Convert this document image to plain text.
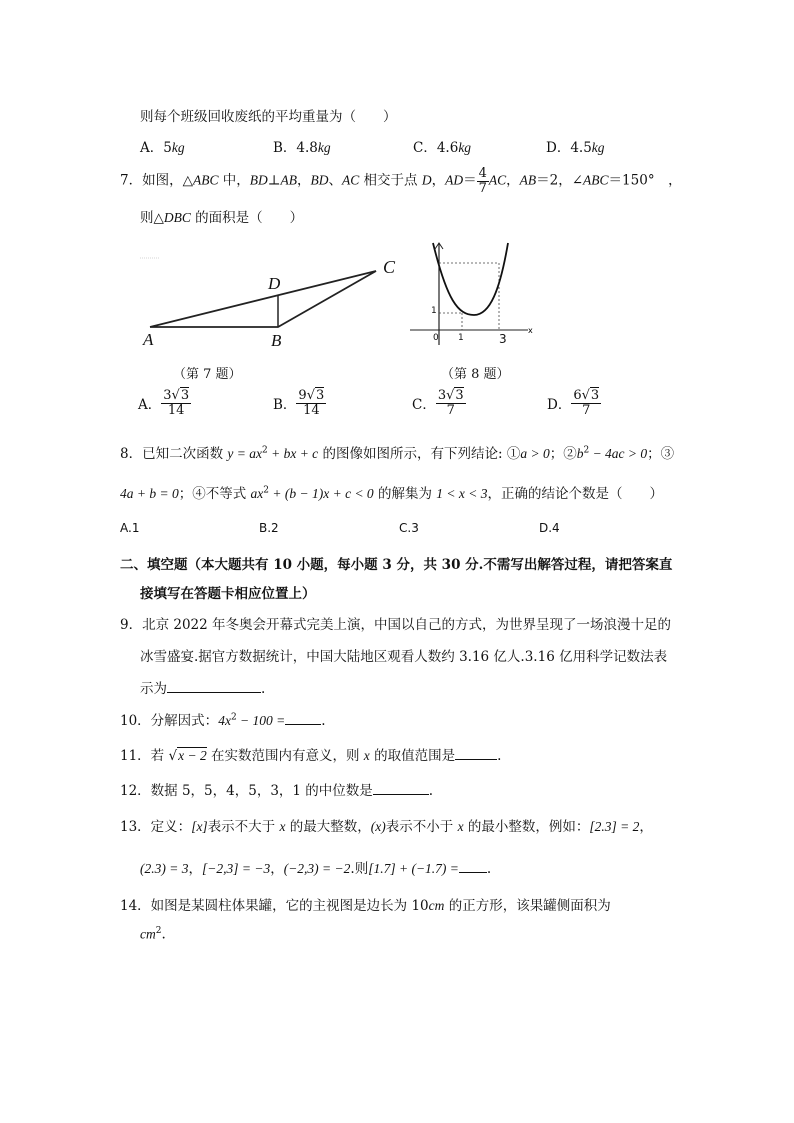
则每个班级回收废纸的平均重量为（　　）
A．5kg	B．4.8kg	C．4.6kg	D．4.5kg
7．如图，△ABC 中，BD⊥AB，BD、AC 相交于点 D，$AD= \frac{4}{7}$ AC，AB＝2，∠ABC＝150°　，
则△DBC 的面积是（　　）
A	B
C
D
（第 7 题）
x
0
1
1	3
（第 8 题）
A． $\frac{3√3}{14}$	B． $\frac{9√3}{14}$	C． $\frac{3√3}{7}$	D． $\frac{6√3}{7}$
8．已知二次函数 $y = ax^2$ + bx + c 的图像如图所示，有下列结论: ①a > 0；$②b^2 - 4ac > 0$；③
4a + b = 0；④不等式 $ax^2 + (b - 1)x + c < 0$ 的解集为 1 < x < 3，正确的结论个数是（　　）
A.1	B.2	C.3	D.4
二、填空题（本大题共有 10 小题，每小题 3 分，共 30 分.不需写出解答过程，请把答案直
接填写在答题卡相应位置上）
9．北京 2022 年冬奥会开幕式完美上演，中国以自己的方式，为世界呈现了一场浪漫十足的
冰雪盛宴.据官方数据统计，中国大陆地区观看人数约 3.16 亿人.3.16 亿用科学记数法表
示为	.
10．分解因式：$4x^2 - 100$ =	.
11．若 √x − 2 在实数范围内有意义，则 x 的取值范围是	.
12．数据 5，5，4，5，3，1 的中位数是	.
13．定义：[x]表示不大于 x 的最大整数，(x)表示不小于 x 的最小整数，例如：[2.3] = 2，
(2.3) = 3，[−2,3] = −3，(−2,3) = −2.则[1.7] + (−1.7) = .
14．如图是某圆柱体果罐，它的主视图是边长为 10cm 的正方形，该果罐侧面积为
$cm^2$.
